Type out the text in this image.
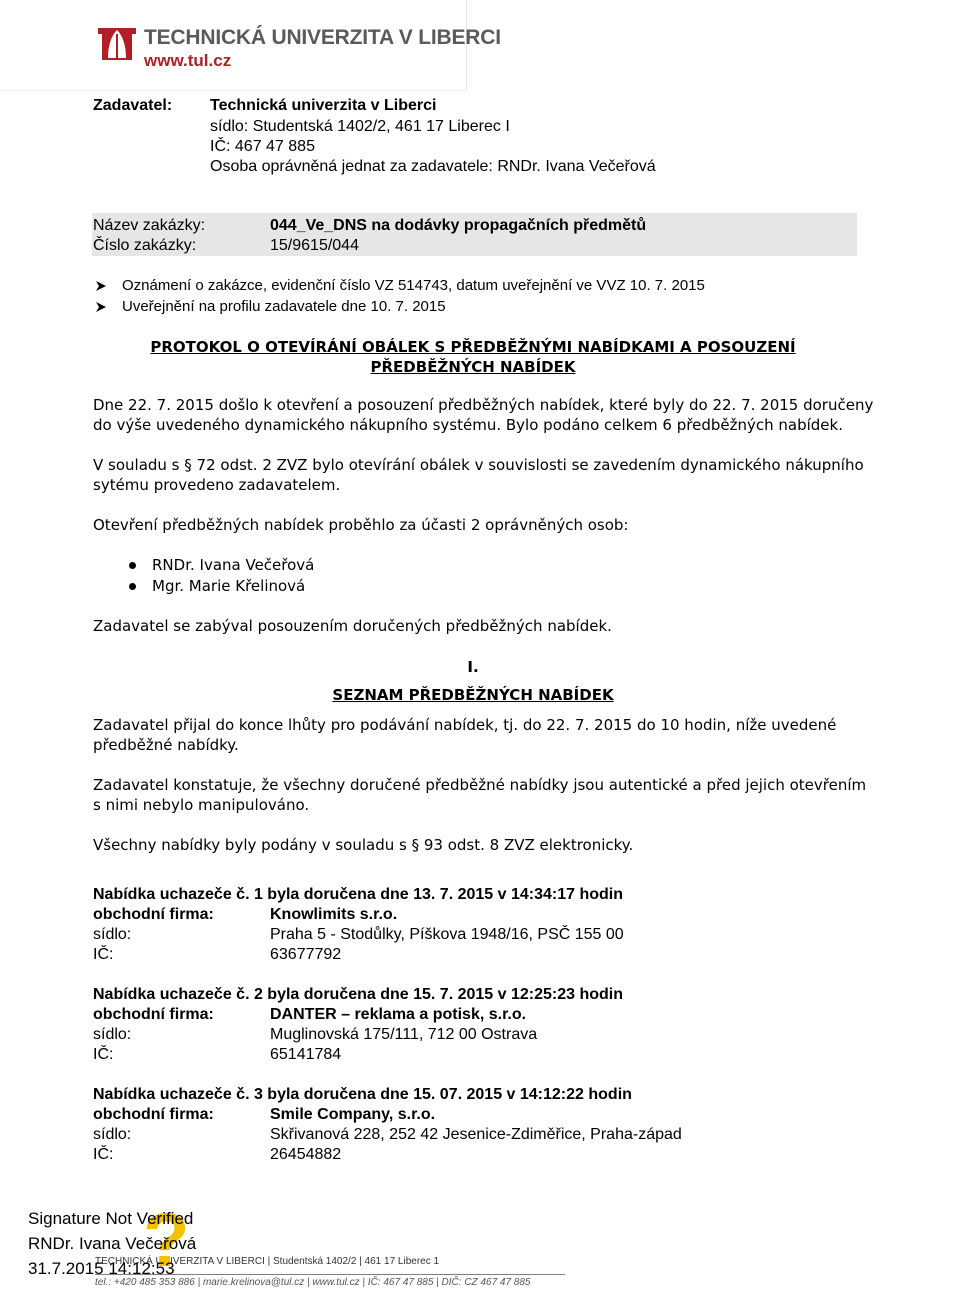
TECHNICKÁ UNIVERZITA V LIBERCI
www.tul.cz
Zadavatel: Technická univerzita v Liberci
sídlo: Studentská 1402/2, 461 17 Liberec I
IČ: 467 47 885
Osoba oprávněná jednat za zadavatele: RNDr. Ivana Večeřová
Název zakázky:	044_Ve_DNS na dodávky propagačních předmětů
Číslo zakázky:	15/9615/044
Oznámení o zakázce, evidenční číslo VZ 514743, datum uveřejnění ve VVZ 10. 7. 2015
Uveřejnění na profilu zadavatele dne 10. 7. 2015
PROTOKOL O OTEVÍRÁNÍ OBÁLEK S PŘEDBĚŽNÝMI NABÍDKAMI A POSOUZENÍ
PŘEDBĚŽNÝCH NABÍDEK
Dne 22. 7. 2015 došlo k otevření a posouzení předběžných nabídek, které byly do 22. 7. 2015 doručeny
do výše uvedeného dynamického nákupního systému. Bylo podáno celkem 6 předběžných nabídek.
V souladu s § 72 odst. 2 ZVZ bylo otevírání obálek v souvislosti se zavedením dynamického nákupního
sytému provedeno zadavatelem.
Otevření předběžných nabídek proběhlo za účasti 2 oprávněných osob:
RNDr. Ivana Večeřová
Mgr. Marie Křelinová
Zadavatel se zabýval posouzením doručených předběžných nabídek.
I.
SEZNAM PŘEDBĚŽNÝCH NABÍDEK
Zadavatel přijal do konce lhůty pro podávání nabídek, tj. do 22. 7. 2015 do 10 hodin, níže uvedené
předběžné nabídky.
Zadavatel konstatuje, že všechny doručené předběžné nabídky jsou autentické a před jejich otevřením
s nimi nebylo manipulováno.
Všechny nabídky byly podány v souladu s § 93 odst. 8 ZVZ elektronicky.
Nabídka uchazeče č. 1 byla doručena dne 13. 7. 2015 v 14:34:17 hodin
obchodní firma:	Knowlimits s.r.o.
sídlo:	Praha 5 - Stodůlky, Píškova 1948/16, PSČ 155 00
IČ:	63677792
Nabídka uchazeče č. 2 byla doručena dne 15. 7. 2015 v 12:25:23 hodin
obchodní firma:	DANTER – reklama a potisk, s.r.o.
sídlo:	Muglinovská 175/111, 712 00 Ostrava
IČ:	65141784
Nabídka uchazeče č. 3 byla doručena dne 15. 07. 2015 v 14:12:22 hodin
obchodní firma:	Smile Company, s.r.o.
sídlo:	Skřivanová 228, 252 42 Jesenice-Zdiměřice, Praha-západ
IČ:	26454882
TECHNICKÁ UNIVERZITA V LIBERCI | Studentská 1402/2 | 461 17 Liberec 1
tel.: +420 485 353 886 | marie.krelinova@tul.cz | www.tul.cz | IČ: 467 47 885 | DIČ: CZ 467 47 885
?
Signature Not Verified
RNDr. Ivana Večeřová
31.7.2015 14:12:53
